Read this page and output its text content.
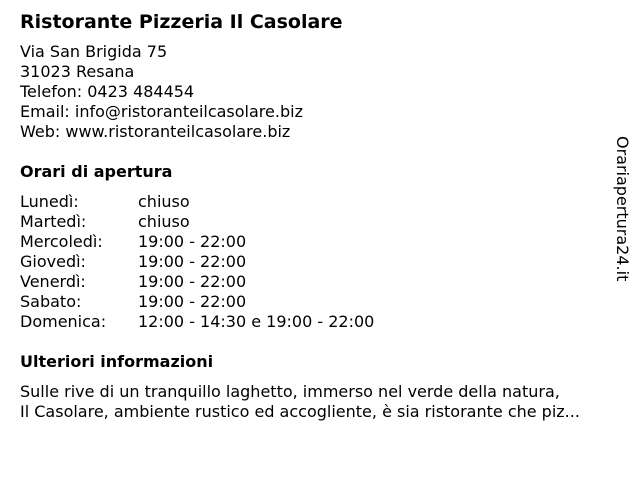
Ristorante Pizzeria Il Casolare
Via San Brigida 75
31023 Resana
Telefon: 0423 484454
Email: info@ristoranteilcasolare.biz
Web: www.ristoranteilcasolare.biz
Orari di apertura
Lunedì:	chiuso
Martedì:	chiuso
Mercoledì:	19:00 - 22:00
Giovedì:	19:00 - 22:00
Venerdì:	19:00 - 22:00
Sabato:	19:00 - 22:00
Domenica:	12:00 - 14:30 e 19:00 - 22:00
Ulteriori informazioni
Sulle rive di un tranquillo laghetto, immerso nel verde della natura,
Il Casolare, ambiente rustico ed accogliente, è sia ristorante che piz...
Orariapertura24.it
